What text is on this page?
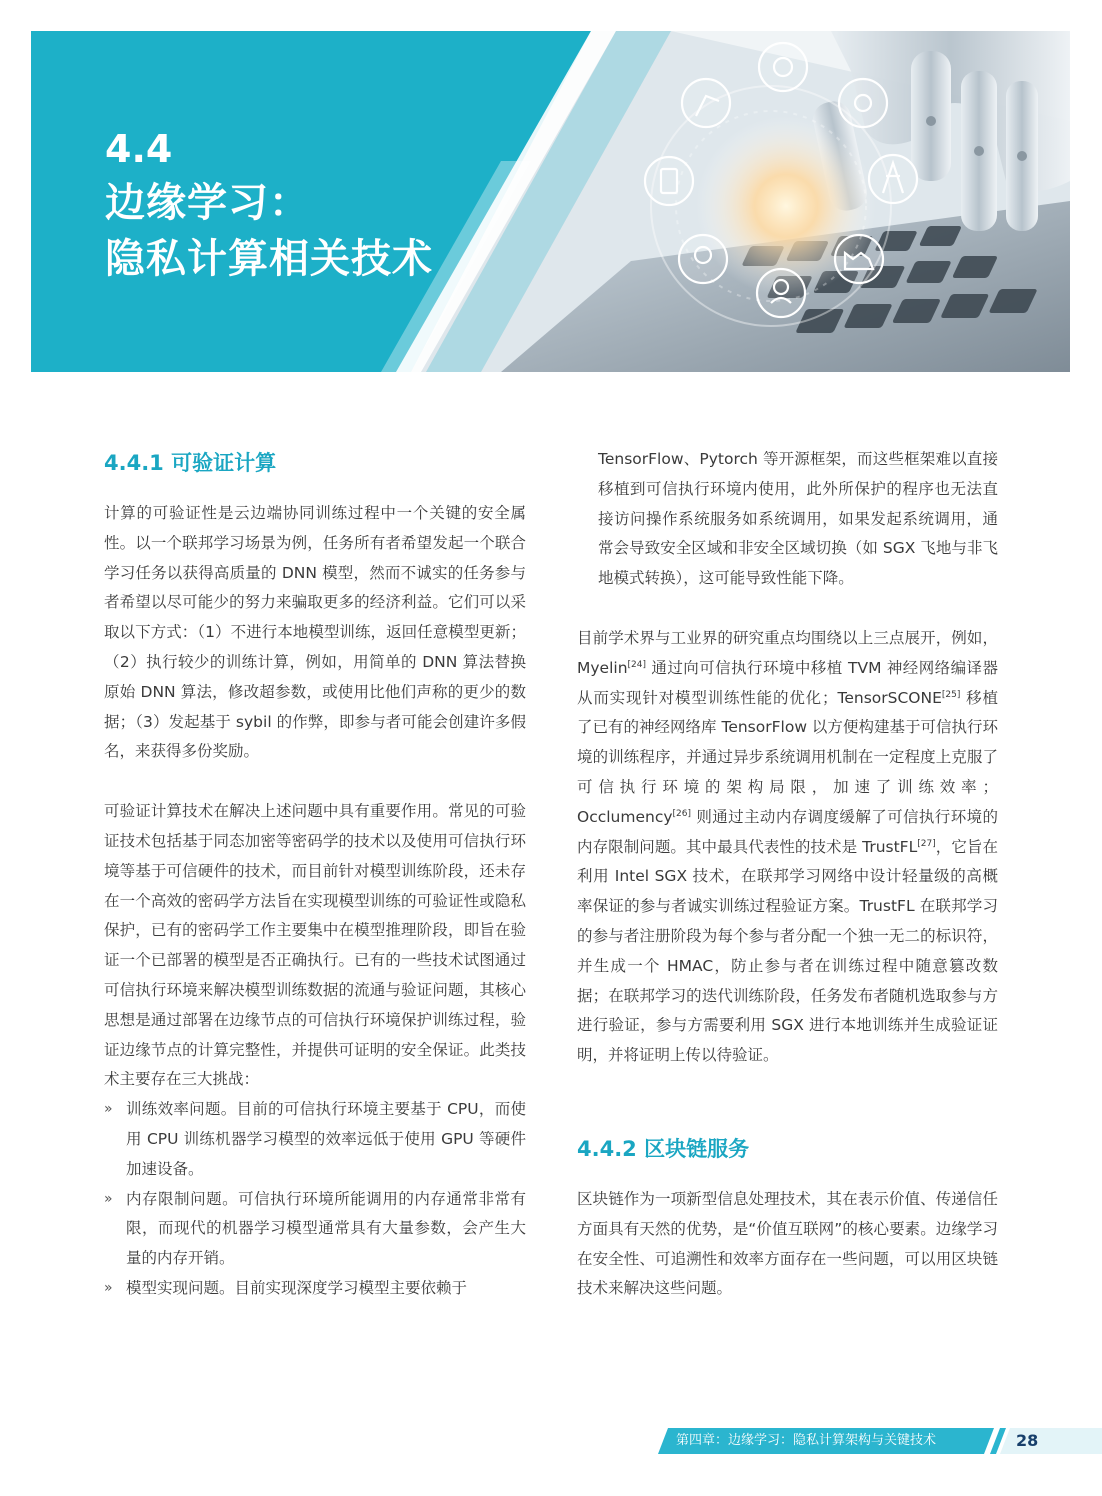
4.4
边缘学习：
隐私计算相关技术
4.4.1 可验证计算

计算的可验证性是云边端协同训练过程中一个关键的安全属性。以一个联邦学习场景为例，任务所有者希望发起一个联合学习任务以获得高质量的 DNN 模型，然而不诚实的任务参与者希望以尽可能少的努力来骗取更多的经济利益。它们可以采取以下方式：（1）不进行本地模型训练，返回任意模型更新；（2）执行较少的训练计算，例如，用简单的 DNN 算法替换原始 DNN 算法，修改超参数，或使用比他们声称的更少的数据；（3）发起基于 sybil 的作弊，即参与者可能会创建许多假名，来获得多份奖励。

可验证计算技术在解决上述问题中具有重要作用。常见的可验证技术包括基于同态加密等密码学的技术以及使用可信执行环境等基于可信硬件的技术，而目前针对模型训练阶段，还未存在一个高效的密码学方法旨在实现模型训练的可验证性或隐私保护，已有的密码学工作主要集中在模型推理阶段，即旨在验证一个已部署的模型是否正确执行。已有的一些技术试图通过可信执行环境来解决模型训练数据的流通与验证问题，其核心思想是通过部署在边缘节点的可信执行环境保护训练过程，验证边缘节点的计算完整性，并提供可证明的安全保证。此类技术主要存在三大挑战：

» 训练效率问题。目前的可信执行环境主要基于 CPU，而使用 CPU 训练机器学习模型的效率远低于使用 GPU 等硬件加速设备。
» 内存限制问题。可信执行环境所能调用的内存通常非常有限，而现代的机器学习模型通常具有大量参数，会产生大量的内存开销。
» 模型实现问题。目前实现深度学习模型主要依赖于

TensorFlow、Pytorch 等开源框架，而这些框架难以直接移植到可信执行环境内使用，此外所保护的程序也无法直接访问操作系统服务如系统调用，如果发起系统调用，通常会导致安全区域和非安全区域切换（如 SGX 飞地与非飞地模式转换），这可能导致性能下降。

目前学术界与工业界的研究重点均围绕以上三点展开，例如，Myelin[24] 通过向可信执行环境中移植 TVM 神经网络编译器从而实现针对模型训练性能的优化；TensorSCONE[25] 移植了已有的神经网络库 TensorFlow 以方便构建基于可信执行环境的训练程序，并通过异步系统调用机制在一定程度上克服了可信执行环境的架构局限，加速了训练效率；Occlumency[26] 则通过主动内存调度缓解了可信执行环境的内存限制问题。其中最具代表性的技术是 TrustFL[27]，它旨在利用 Intel SGX 技术，在联邦学习网络中设计轻量级的高概率保证的参与者诚实训练过程验证方案。TrustFL 在联邦学习的参与者注册阶段为每个参与者分配一个独一无二的标识符，并生成一个 HMAC，防止参与者在训练过程中随意篡改数据；在联邦学习的迭代训练阶段，任务发布者随机选取参与方进行验证，参与方需要利用 SGX 进行本地训练并生成验证证明，并将证明上传以待验证。

4.4.2 区块链服务

区块链作为一项新型信息处理技术，其在表示价值、传递信任方面具有天然的优势，是“价值互联网”的核心要素。边缘学习在安全性、可追溯性和效率方面存在一些问题，可以用区块链技术来解决这些问题。

第四章：边缘学习：隐私计算架构与关键技术	28
